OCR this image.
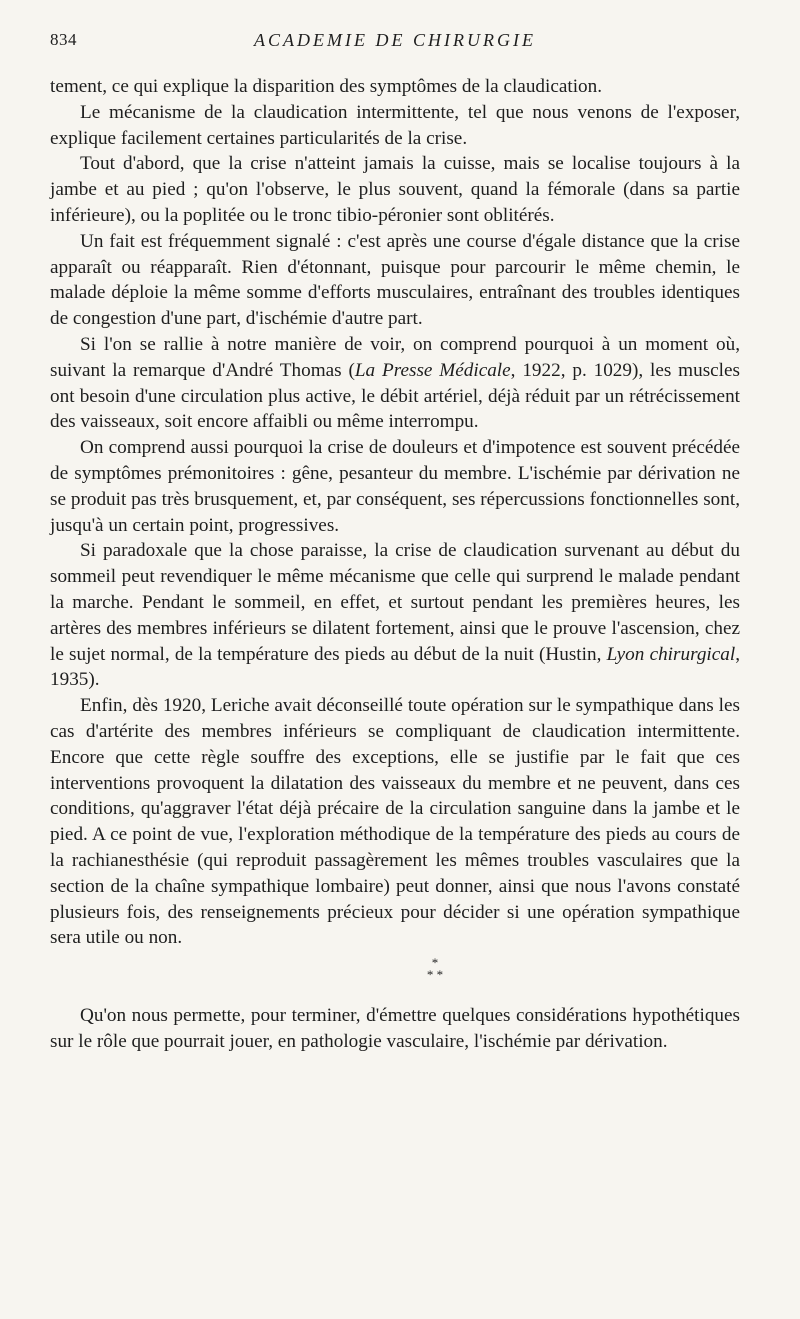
834	ACADEMIE DE CHIRURGIE

tement, ce qui explique la disparition des symptômes de la claudication.

Le mécanisme de la claudication intermittente, tel que nous venons de l'exposer, explique facilement certaines particularités de la crise.

Tout d'abord, que la crise n'atteint jamais la cuisse, mais se localise toujours à la jambe et au pied ; qu'on l'observe, le plus souvent, quand la fémorale (dans sa partie inférieure), ou la poplitée ou le tronc tibio-péronier sont oblitérés.

Un fait est fréquemment signalé : c'est après une course d'égale distance que la crise apparaît ou réapparaît. Rien d'étonnant, puisque pour parcourir le même chemin, le malade déploie la même somme d'efforts musculaires, entraînant des troubles identiques de congestion d'une part, d'ischémie d'autre part.

Si l'on se rallie à notre manière de voir, on comprend pourquoi à un moment où, suivant la remarque d'André Thomas (La Presse Médicale, 1922, p. 1029), les muscles ont besoin d'une circulation plus active, le débit artériel, déjà réduit par un rétrécissement des vaisseaux, soit encore affaibli ou même interrompu.

On comprend aussi pourquoi la crise de douleurs et d'impotence est souvent précédée de symptômes prémonitoires : gêne, pesanteur du membre. L'ischémie par dérivation ne se produit pas très brusquement, et, par conséquent, ses répercussions fonctionnelles sont, jusqu'à un certain point, progressives.

Si paradoxale que la chose paraisse, la crise de claudication survenant au début du sommeil peut revendiquer le même mécanisme que celle qui surprend le malade pendant la marche. Pendant le sommeil, en effet, et surtout pendant les premières heures, les artères des membres inférieurs se dilatent fortement, ainsi que le prouve l'ascension, chez le sujet normal, de la température des pieds au début de la nuit (Hustin, Lyon chirurgical, 1935).

Enfin, dès 1920, Leriche avait déconseillé toute opération sur le sympathique dans les cas d'artérite des membres inférieurs se compliquant de claudication intermittente. Encore que cette règle souffre des exceptions, elle se justifie par le fait que ces interventions provoquent la dilatation des vaisseaux du membre et ne peuvent, dans ces conditions, qu'aggraver l'état déjà précaire de la circulation sanguine dans la jambe et le pied. A ce point de vue, l'exploration méthodique de la température des pieds au cours de la rachianesthésie (qui reproduit passagèrement les mêmes troubles vasculaires que la section de la chaîne sympathique lombaire) peut donner, ainsi que nous l'avons constaté plusieurs fois, des renseignements précieux pour décider si une opération sympathique sera utile ou non.

*
* *

Qu'on nous permette, pour terminer, d'émettre quelques considérations hypothétiques sur le rôle que pourrait jouer, en pathologie vasculaire, l'ischémie par dérivation.
